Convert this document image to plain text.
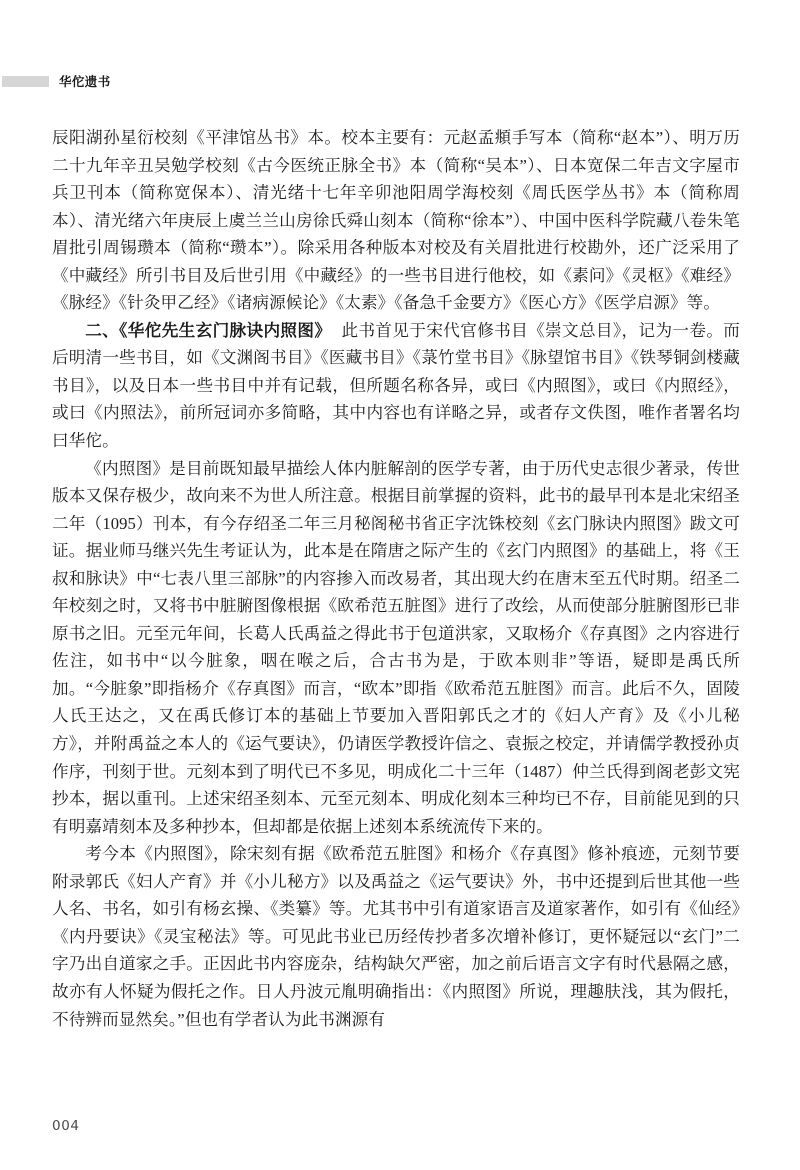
华佗遗书

辰阳湖孙星衍校刻《平津馆丛书》本。校本主要有：元赵孟頫手写本（简称“赵本”）、明万历二十九年辛丑吴勉学校刻《古今医统正脉全书》本（简称“吴本”）、日本宽保二年吉文字屋市兵卫刊本（简称宽保本）、清光绪十七年辛卯池阳周学海校刻《周氏医学丛书》本（简称周本）、清光绪六年庚辰上虞兰兰山房徐氏舜山刻本（简称“徐本”）、中国中医科学院藏八卷朱笔眉批引周锡瓒本（简称“瓒本”）。除采用各种版本对校及有关眉批进行校勘外，还广泛采用了《中藏经》所引书目及后世引用《中藏经》的一些书目进行他校，如《素问》《灵枢》《难经》《脉经》《针灸甲乙经》《诸病源候论》《太素》《备急千金要方》《医心方》《医学启源》等。

二、《华佗先生玄门脉诀内照图》 此书首见于宋代官修书目《崇文总目》，记为一卷。而后明清一些书目，如《文渊阁书目》《医藏书目》《菉竹堂书目》《脉望馆书目》《铁琴铜剑楼藏书目》，以及日本一些书目中并有记载，但所题名称各异，或曰《内照图》，或曰《内照经》，或曰《内照法》，前所冠词亦多简略，其中内容也有详略之异，或者存文佚图，唯作者署名均曰华佗。

《内照图》是目前既知最早描绘人体内脏解剖的医学专著，由于历代史志很少著录，传世版本又保存极少，故向来不为世人所注意。根据目前掌握的资料，此书的最早刊本是北宋绍圣二年（1095）刊本，有今存绍圣二年三月秘阁秘书省正字沈铢校刻《玄门脉诀内照图》跋文可证。据业师马继兴先生考证认为，此本是在隋唐之际产生的《玄门内照图》的基础上，将《王叔和脉诀》中“七表八里三部脉”的内容掺入而改易者，其出现大约在唐末至五代时期。绍圣二年校刻之时，又将书中脏腑图像根据《欧希范五脏图》进行了改绘，从而使部分脏腑图形已非原书之旧。元至元年间，长葛人氏禹益之得此书于包道洪家，又取杨介《存真图》之内容进行佐注，如书中“以今脏象，咽在喉之后，合古书为是，于欧本则非”等语，疑即是禹氏所加。“今脏象”即指杨介《存真图》而言，“欧本”即指《欧希范五脏图》而言。此后不久，固陵人氏王达之，又在禹氏修订本的基础上节要加入晋阳郭氏之才的《妇人产育》及《小儿秘方》，并附禹益之本人的《运气要诀》，仍请医学教授许信之、袁振之校定，并请儒学教授孙贞作序，刊刻于世。元刻本到了明代已不多见，明成化二十三年（1487）仲兰氏得到阁老彭文宪抄本，据以重刊。上述宋绍圣刻本、元至元刻本、明成化刻本三种均已不存，目前能见到的只有明嘉靖刻本及多种抄本，但却都是依据上述刻本系统流传下来的。

考今本《内照图》，除宋刻有据《欧希范五脏图》和杨介《存真图》修补痕迹，元刻节要附录郭氏《妇人产育》并《小儿秘方》以及禹益之《运气要诀》外，书中还提到后世其他一些人名、书名，如引有杨玄操、《类纂》等。尤其书中引有道家语言及道家著作，如引有《仙经》《内丹要诀》《灵宝秘法》等。可见此书业已历经传抄者多次增补修订，更怀疑冠以“玄门”二字乃出自道家之手。正因此书内容庞杂，结构缺欠严密，加之前后语言文字有时代悬隔之感，故亦有人怀疑为假托之作。日人丹波元胤明确指出：《内照图》所说，理趣肤浅，其为假托，不待辨而显然矣。”但也有学者认为此书渊源有

004
